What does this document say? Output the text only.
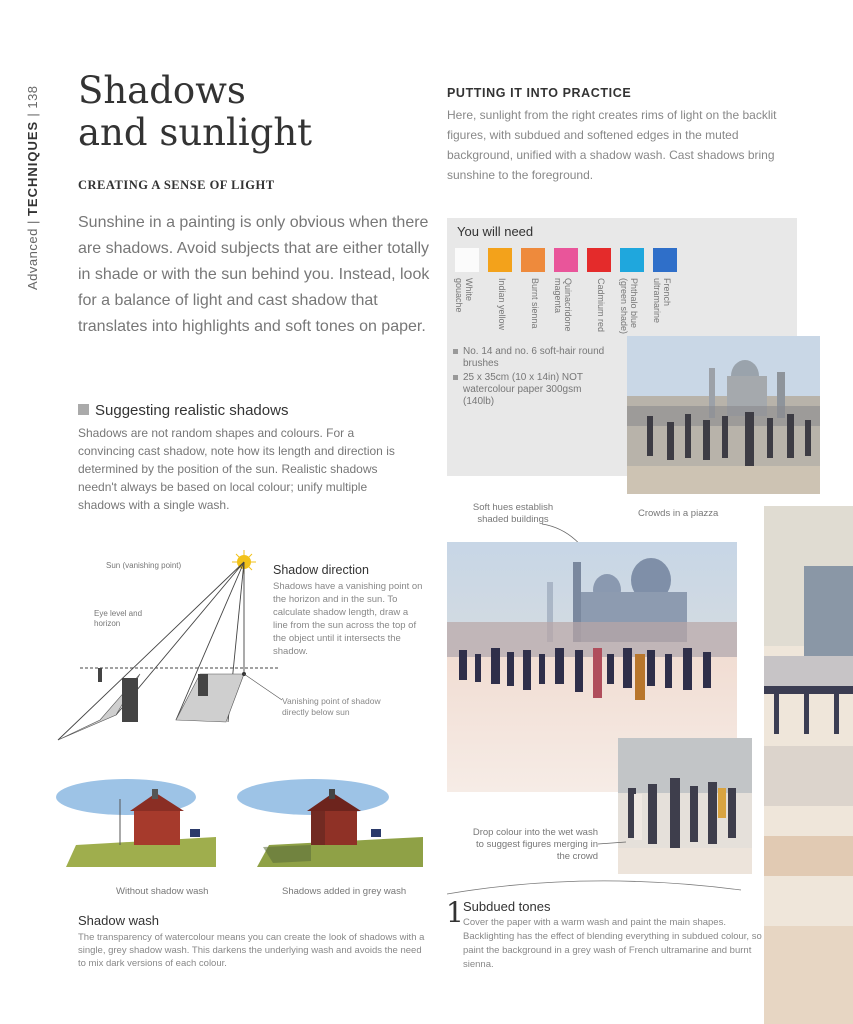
Advanced | TECHNIQUES | 138 Shadows
and sunlight
CREATING A SENSE OF LIGHT

Sunshine in a painting is only obvious when there are shadows. Avoid subjects that are either totally in shade or with the sun behind you. Instead, look for a balance of light and cast shadow that translates into highlights and soft tones on paper.

Suggesting realistic shadows

Shadows are not random shapes and colours. For a convincing cast shadow, note how its length and direction is determined by the position of the sun. Realistic shadows needn't always be based on local colour; unify multiple shadows with a single wash.

PUTTING IT INTO PRACTICE

Here, sunlight from the right creates rims of light on the backlit figures, with subdued and softened edges in the muted background, unified with a shadow wash. Cast shadows bring sunshine to the foreground.

You will need
White gouache	Indian yellow	Burnt sienna	Quinacridone magenta	Cadmium red	Phthalo blue (green shade)	French ultramarine
No. 14 and no. 6 soft-hair round brushes
25 x 35cm (10 x 14in) NOT watercolour paper 300gsm (140lb)
Crowds in a piazza
Soft hues establish shaded buildings
Drop colour into the wet wash to suggest figures merging in the crowd
Sun (vanishing point)
Eye level and horizon
Shadow direction

Shadows have a vanishing point on the horizon and in the sun. To calculate shadow length, draw a line from the sun across the top of the object until it intersects the shadow.

Vanishing point of shadow directly below sun
Without shadow wash	Shadows added in grey wash
Shadow wash

The transparency of watercolour means you can create the look of shadows with a single, grey shadow wash. This darkens the underlying wash and avoids the need to mix dark versions of each colour.

1 Subdued tones

Cover the paper with a warm wash and paint the main shapes. Backlighting has the effect of blending everything in subdued colour, so paint the background in a grey wash of French ultramarine and burnt sienna.
